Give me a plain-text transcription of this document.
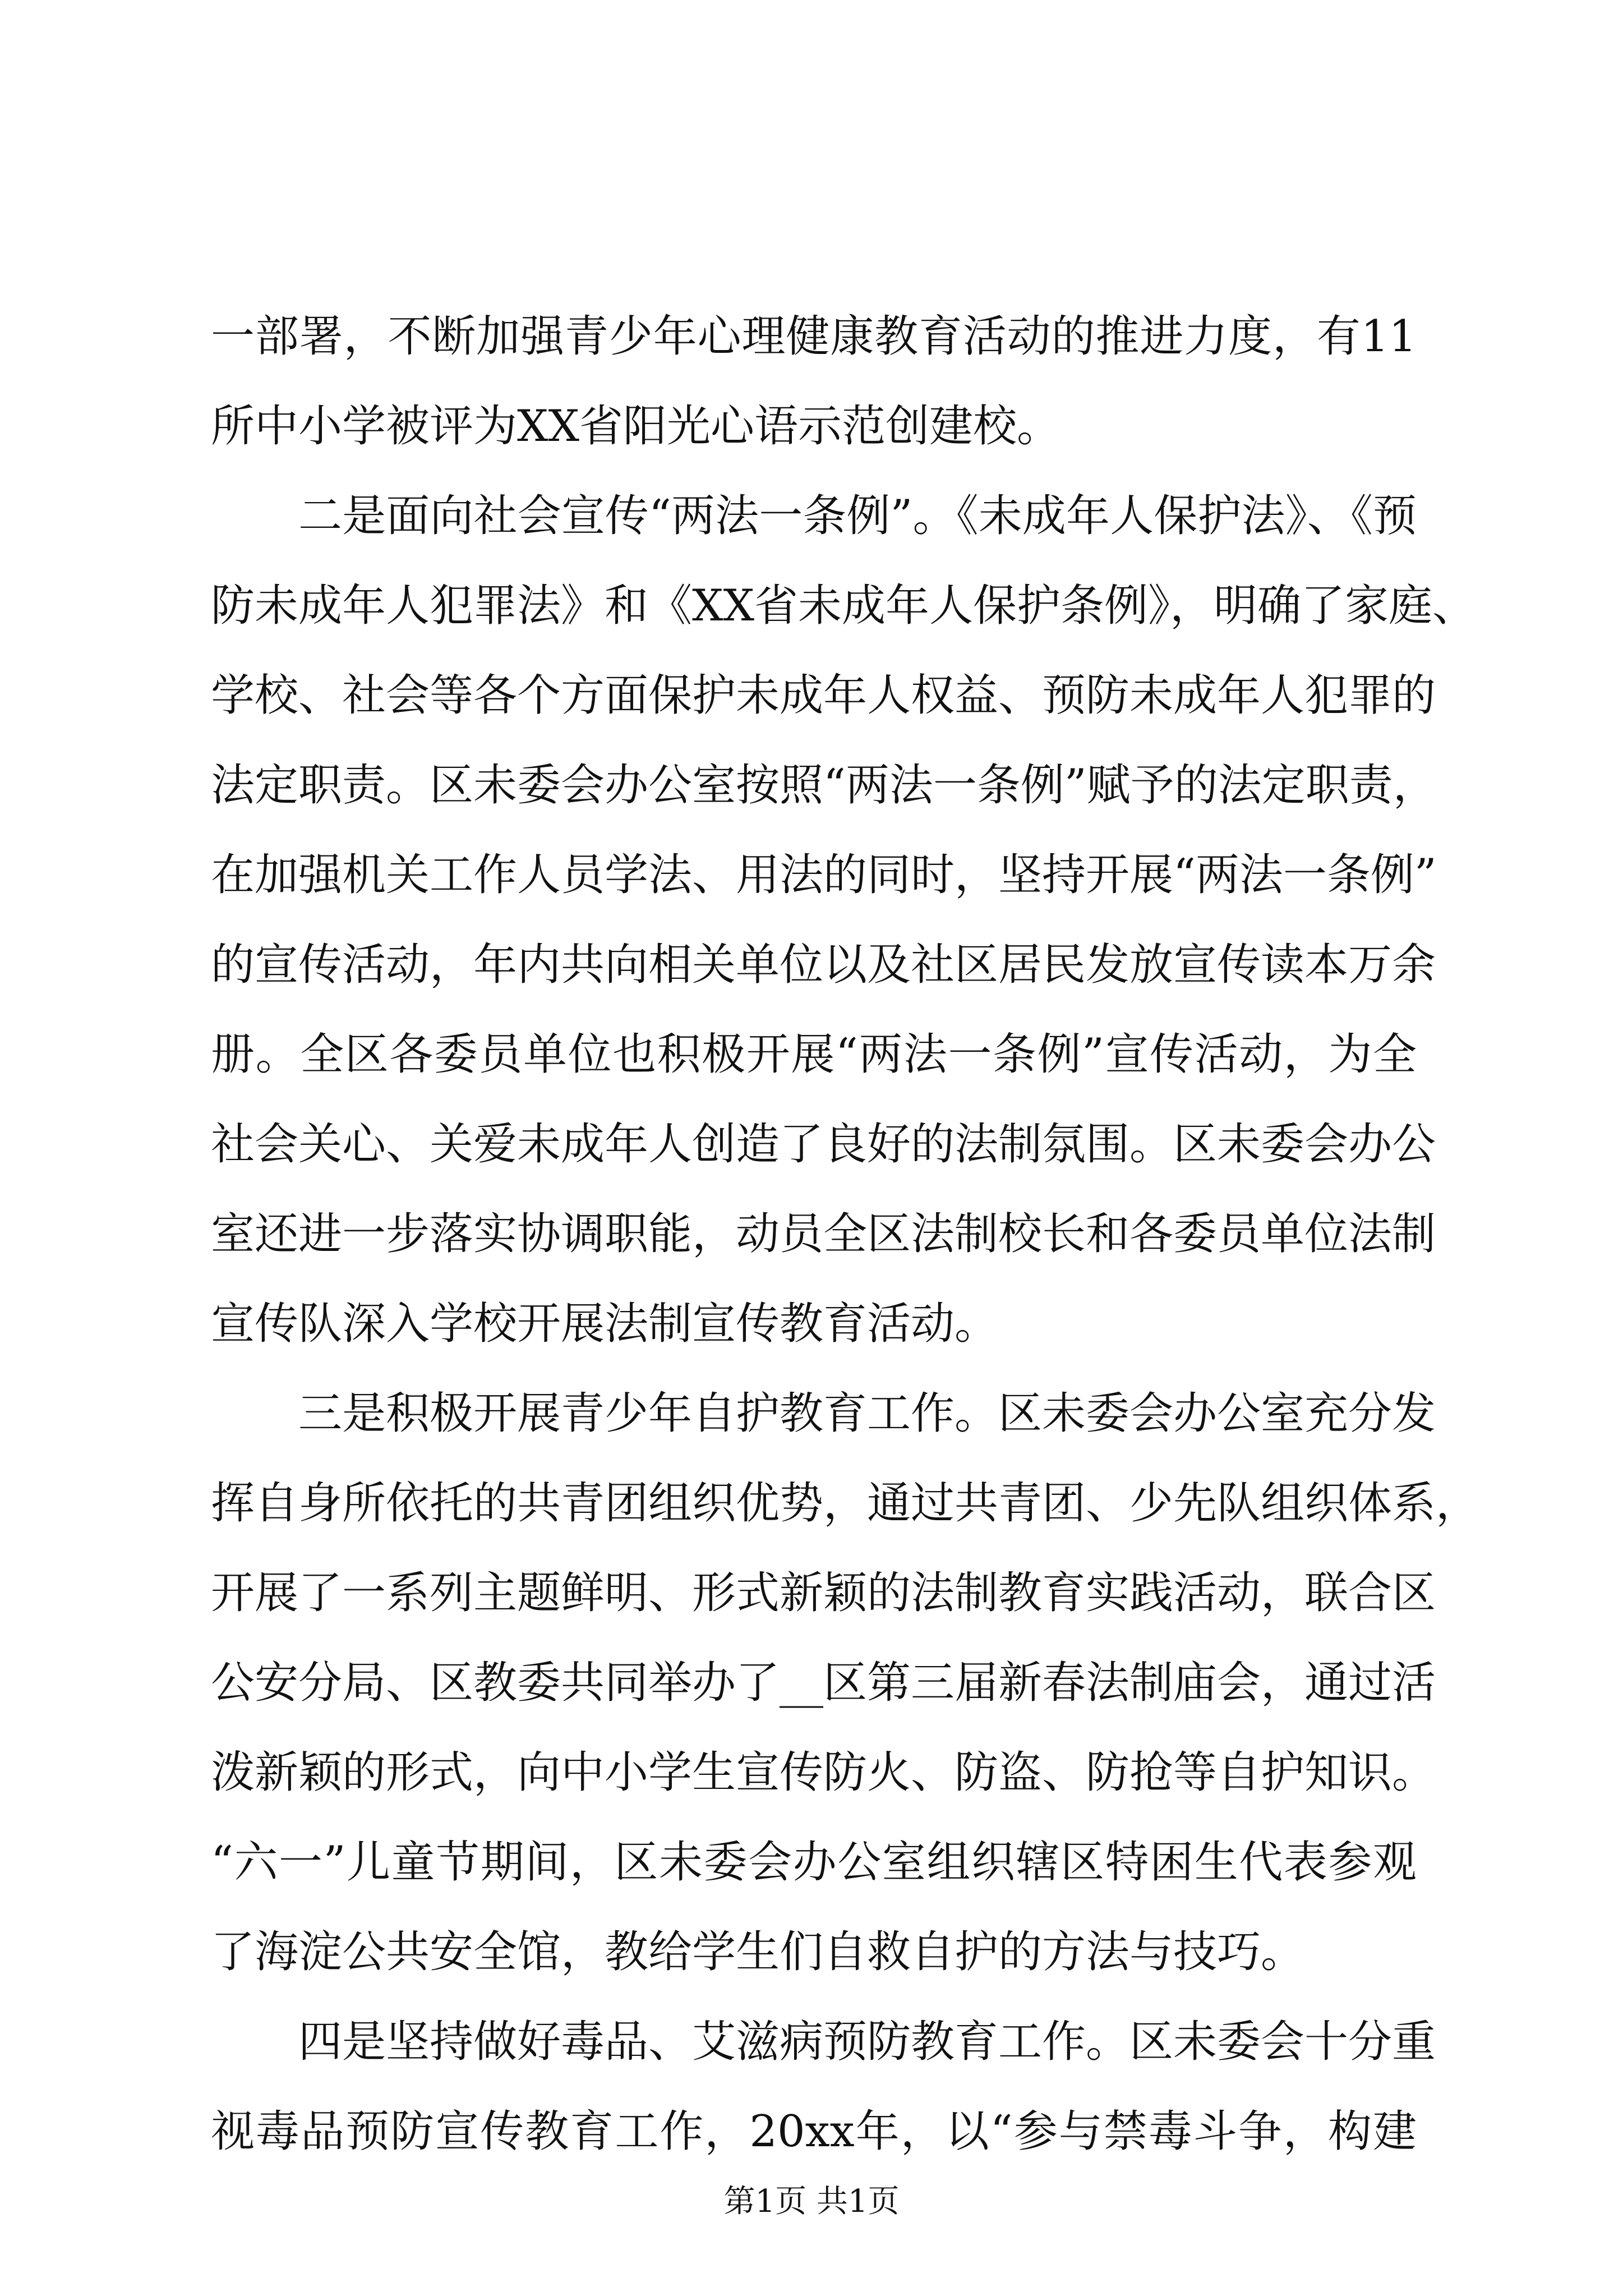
一部署，不断加强青少年心理健康教育活动的推进力度，有11
所中小学被评为XX省阳光心语示范创建校。
二是面向社会宣传“两法一条例”。《未成年人保护法》、《预
防未成年人犯罪法》和《XX省未成年人保护条例》，明确了家庭、
学校、社会等各个方面保护未成年人权益、预防未成年人犯罪的
法定职责。区未委会办公室按照“两法一条例”赋予的法定职责，
在加强机关工作人员学法、用法的同时，坚持开展“两法一条例”
的宣传活动，年内共向相关单位以及社区居民发放宣传读本万余
册。全区各委员单位也积极开展“两法一条例”宣传活动，为全
社会关心、关爱未成年人创造了良好的法制氛围。区未委会办公
室还进一步落实协调职能，动员全区法制校长和各委员单位法制
宣传队深入学校开展法制宣传教育活动。
三是积极开展青少年自护教育工作。区未委会办公室充分发
挥自身所依托的共青团组织优势，通过共青团、少先队组织体系，
开展了一系列主题鲜明、形式新颖的法制教育实践活动，联合区
公安分局、区教委共同举办了__区第三届新春法制庙会，通过活
泼新颖的形式，向中小学生宣传防火、防盗、防抢等自护知识。
“六一”儿童节期间，区未委会办公室组织辖区特困生代表参观
了海淀公共安全馆，教给学生们自救自护的方法与技巧。
四是坚持做好毒品、艾滋病预防教育工作。区未委会十分重
视毒品预防宣传教育工作，20xx年，以“参与禁毒斗争，构建
第1页 共1页
